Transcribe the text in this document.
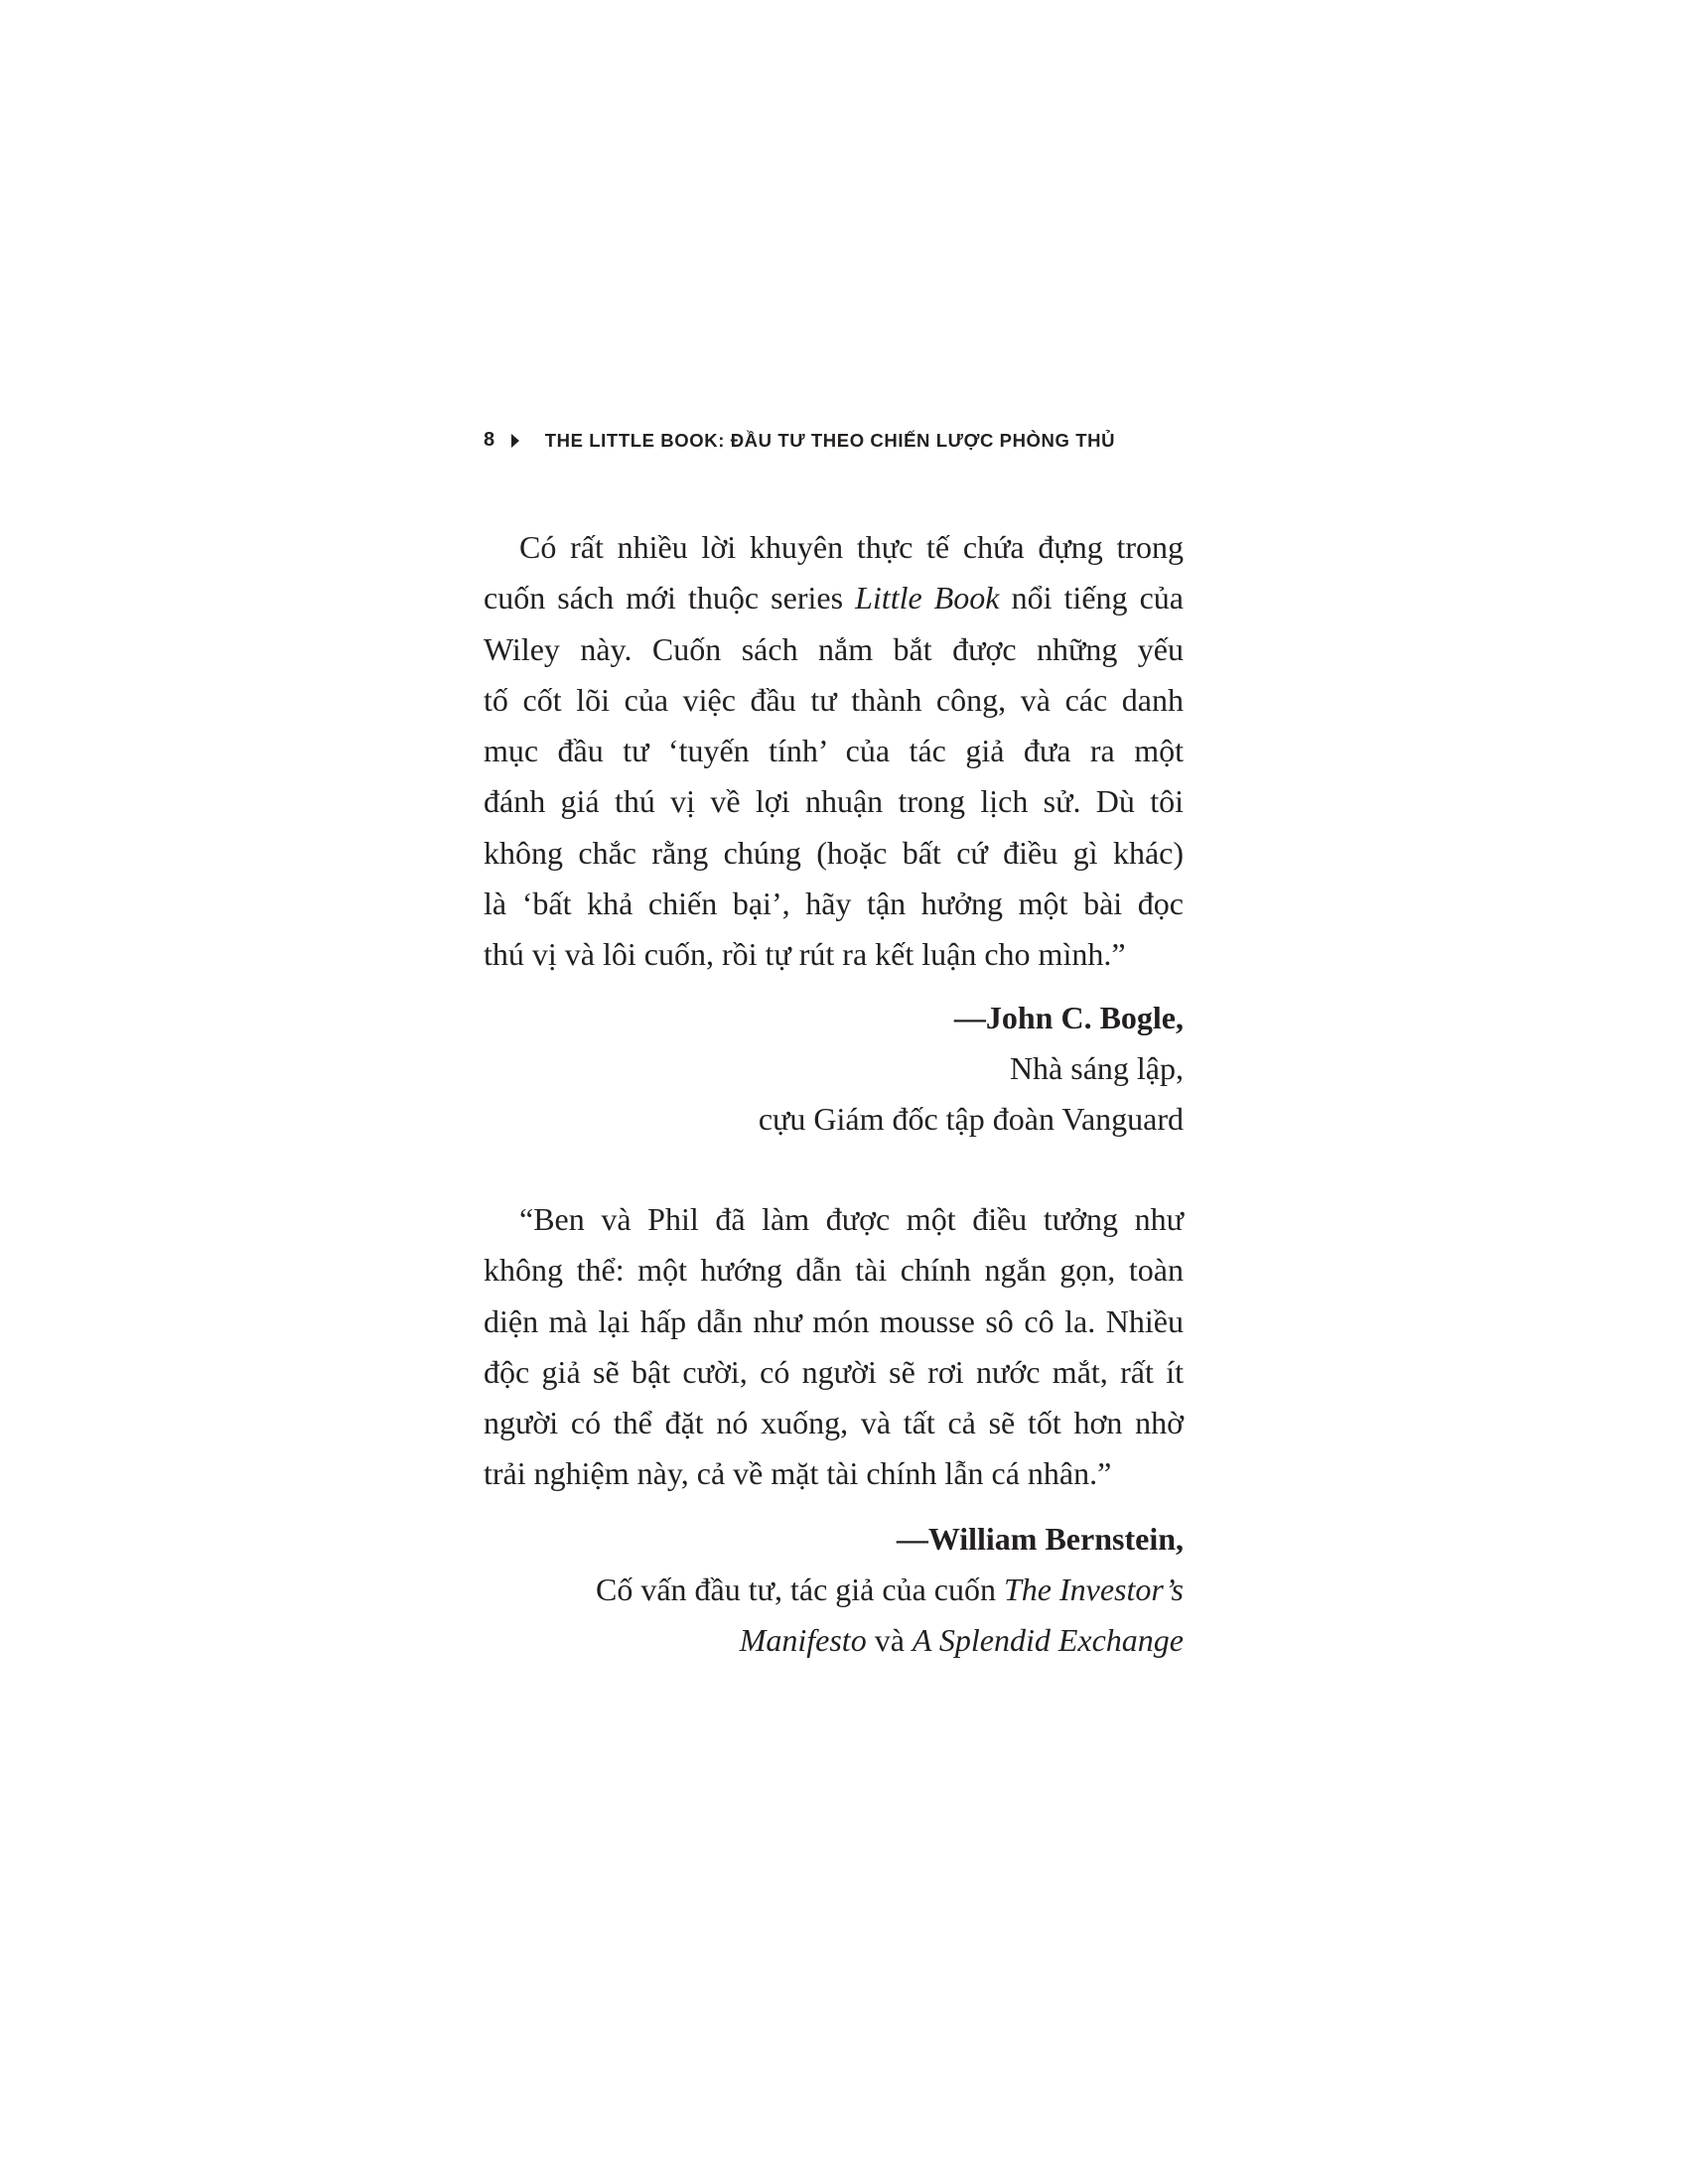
8	THE LITTLE BOOK: ĐẦU TƯ THEO CHIẾN LƯỢC PHÒNG THỦ

Có rất nhiều lời khuyên thực tế chứa đựng trong
cuốn sách mới thuộc series Little Book nổi tiếng của
Wiley này. Cuốn sách nắm bắt được những yếu
tố cốt lõi của việc đầu tư thành công, và các danh
mục đầu tư ‘tuyến tính’ của tác giả đưa ra một
đánh giá thú vị về lợi nhuận trong lịch sử. Dù tôi
không chắc rằng chúng (hoặc bất cứ điều gì khác)
là ‘bất khả chiến bại’, hãy tận hưởng một bài đọc
thú vị và lôi cuốn, rồi tự rút ra kết luận cho mình.”

—John C. Bogle,
Nhà sáng lập,
cựu Giám đốc tập đoàn Vanguard

“Ben và Phil đã làm được một điều tưởng như
không thể: một hướng dẫn tài chính ngắn gọn, toàn
diện mà lại hấp dẫn như món mousse sô cô la. Nhiều
độc giả sẽ bật cười, có người sẽ rơi nước mắt, rất ít
người có thể đặt nó xuống, và tất cả sẽ tốt hơn nhờ
trải nghiệm này, cả về mặt tài chính lẫn cá nhân.”

—William Bernstein,
Cố vấn đầu tư, tác giả của cuốn The Investor’s
Manifesto và A Splendid Exchange
